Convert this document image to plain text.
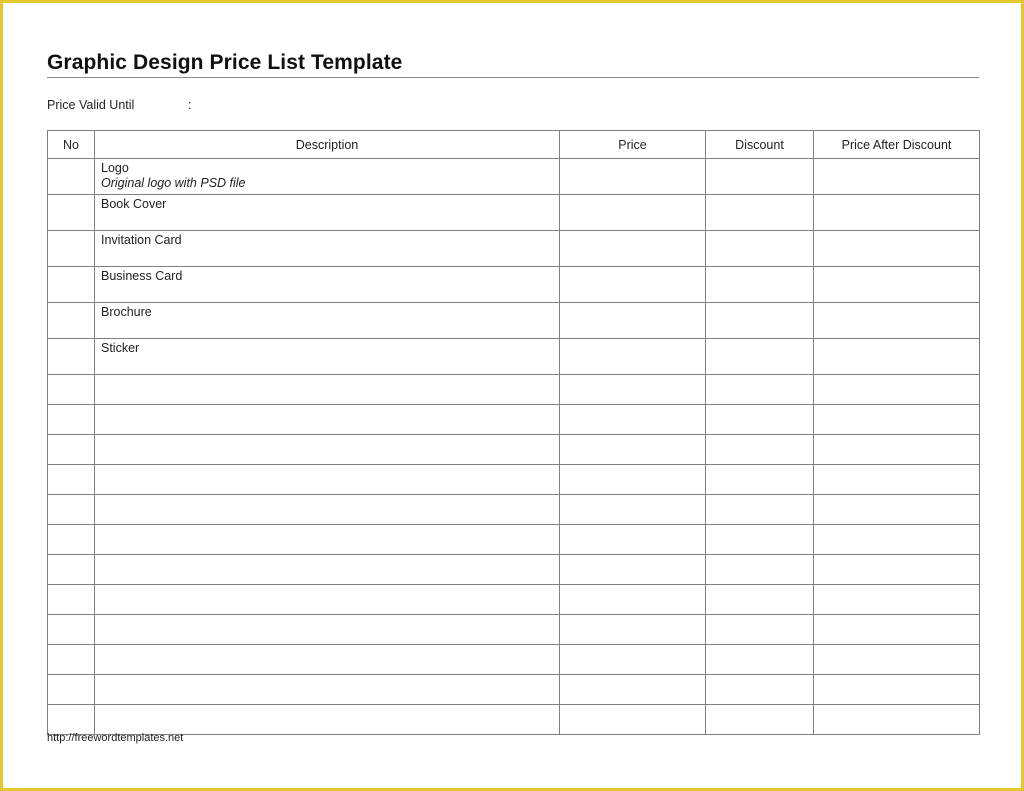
Graphic Design Price List Template
Price Valid Until	:
No	Description	Price	Discount	Price After Discount
	Logo
Original logo with PSD file			

	Book Cover			
	Invitation Card			
	Business Card			
	Brochure			
	Sticker			

http://freewordtemplates.net
